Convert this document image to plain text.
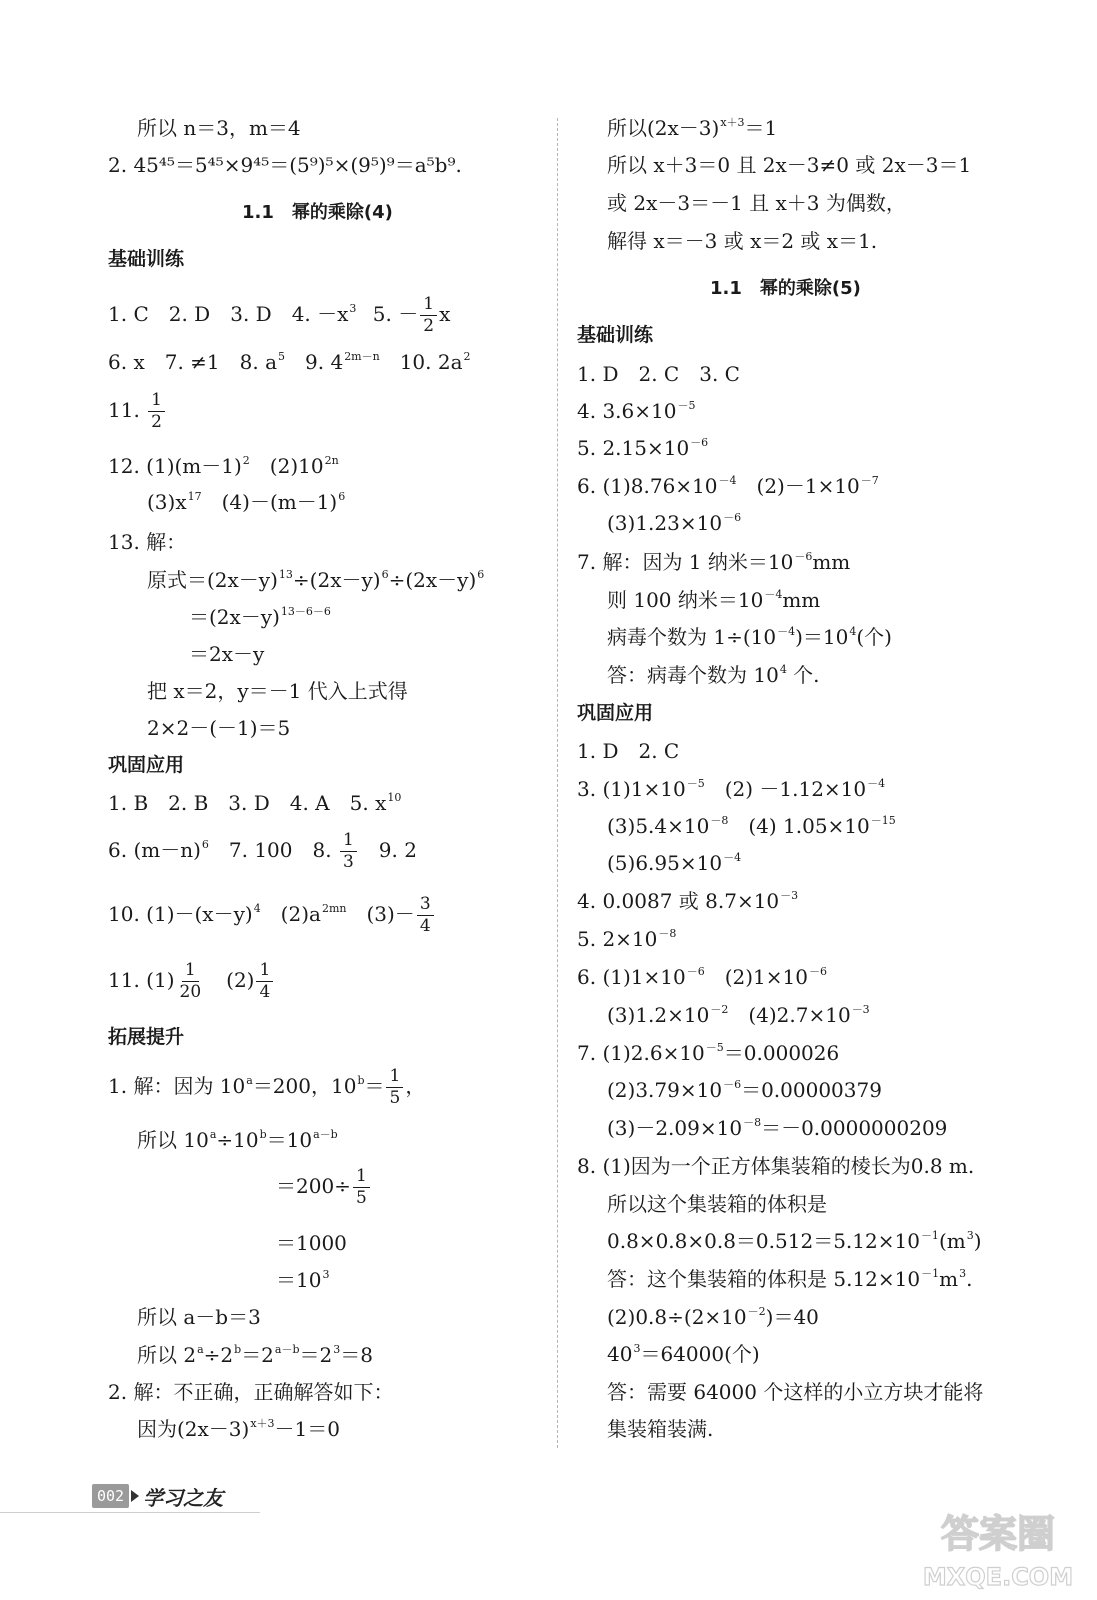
所以 n＝3，m＝4
2. 45⁴⁵＝5⁴⁵×9⁴⁵＝(5⁹)⁵×(9⁵)⁹＝a⁵b⁹.
1.1　幂的乘除(4)
基础训练
1. C　2. D　3. D　4. $-x^3$ 5. － $\frac{1}{2}$ x
6. x　7. ≠1　8. $a^5$　9. $4^{2m-n}$　10. $2a^2$
11. $\frac{1}{2}$
12. $(1)(m-1)^2$　$(2)10^{2n}$
$(3)x^{17}$　$(4)-(m-1)^6$
13. 解：
原式$=(2x-y)^{13}\div(2x-y)^6\div(2x-y)^6$
$=(2x-y)^{13-6-6}$
＝2x－y
把 x＝2，y＝－1 代入上式得
2×2－(－1)＝5
巩固应用
1. B　2. B　3. D　4. A　5. $x^{10}$
6. $(m-n)^6$　7. 100　8. $\frac{1}{3}$ 　9. 2
10. $(1)-(x-y)^4$　$(2)a^{2mn}$　$(3)- \frac{3}{4}$
11. $(1) \frac{1}{20}$ 　$(2) \frac{1}{4}$
拓展提升
1. 解：因为 $10^a=200$，$10^b= \frac{1}{5}$ ，
所以 $10^a\div 10^b=10^{a-b}$
$=200\div \frac{1}{5}$
＝1000
$=10^3$
所以 a－b＝3
所以 $2^a\div 2^b=2^{a-b}=2^3=8$
2. 解：不正确，正确解答如下：
因为$(2x-3)^{x+3}-1=0$
所以$(2x-3)^{x+3}=1$
所以 x＋3＝0 且 2x－3≠0 或 2x－3＝1
或 2x－3＝－1 且 x＋3 为偶数，
解得 x＝－3 或 x＝2 或 x＝1.
1.1　幂的乘除(5)
基础训练
1. D　2. C　3. C
4. $3.6\times 10^{-5}$
5. $2.15\times 10^{-6}$
6. $(1)8.76\times 10^{-4}$　$(2)-1\times 10^{-7}$
$(3)1.23\times 10^{-6}$
7. 解：因为 1 纳米$=10^{-6}mm$
则 100 纳米$=10^{-4}mm$
病毒个数为 $1\div(10^{-4})=10^4$(个)
答：病毒个数为 $10^4$ 个.
巩固应用
1. D　2. C
3. $(1)1\times 10^{-5}$　$(2) -1.12\times 10^{-4}$
$(3)5.4\times 10^{-8}$　(4) $1.05\times 10^{-15}$
$(5)6.95\times 10^{-4}$
4. 0.0087 或 $8.7\times 10^{-3}$
5. $2\times 10^{-8}$
6. $(1)1\times 10^{-6}$　$(2)1\times 10^{-6}$
$(3)1.2\times 10^{-2}$　$(4)2.7\times 10^{-3}$
7. $(1)2.6\times 10^{-5}=0.000026$
$(2)3.79\times 10^{-6}=0.00000379$
$(3)-2.09\times 10^{-8}=-0.0000000209$
8. (1)因为一个正方体集装箱的棱长为0.8 m.
所以这个集装箱的体积是
$0.8\times 0.8\times 0.8=0.512=5.12\times 10^{-1}(m^3)$
答：这个集装箱的体积是 $5.12\times 10^{-1}m^3$.
$(2)0.8\div(2\times 10^{-2})=40$
$40^3=64000$(个)
答：需要 64000 个这样的小立方块才能将
集装箱装满.
002 学习之友
答案圈
MXQE.COM
